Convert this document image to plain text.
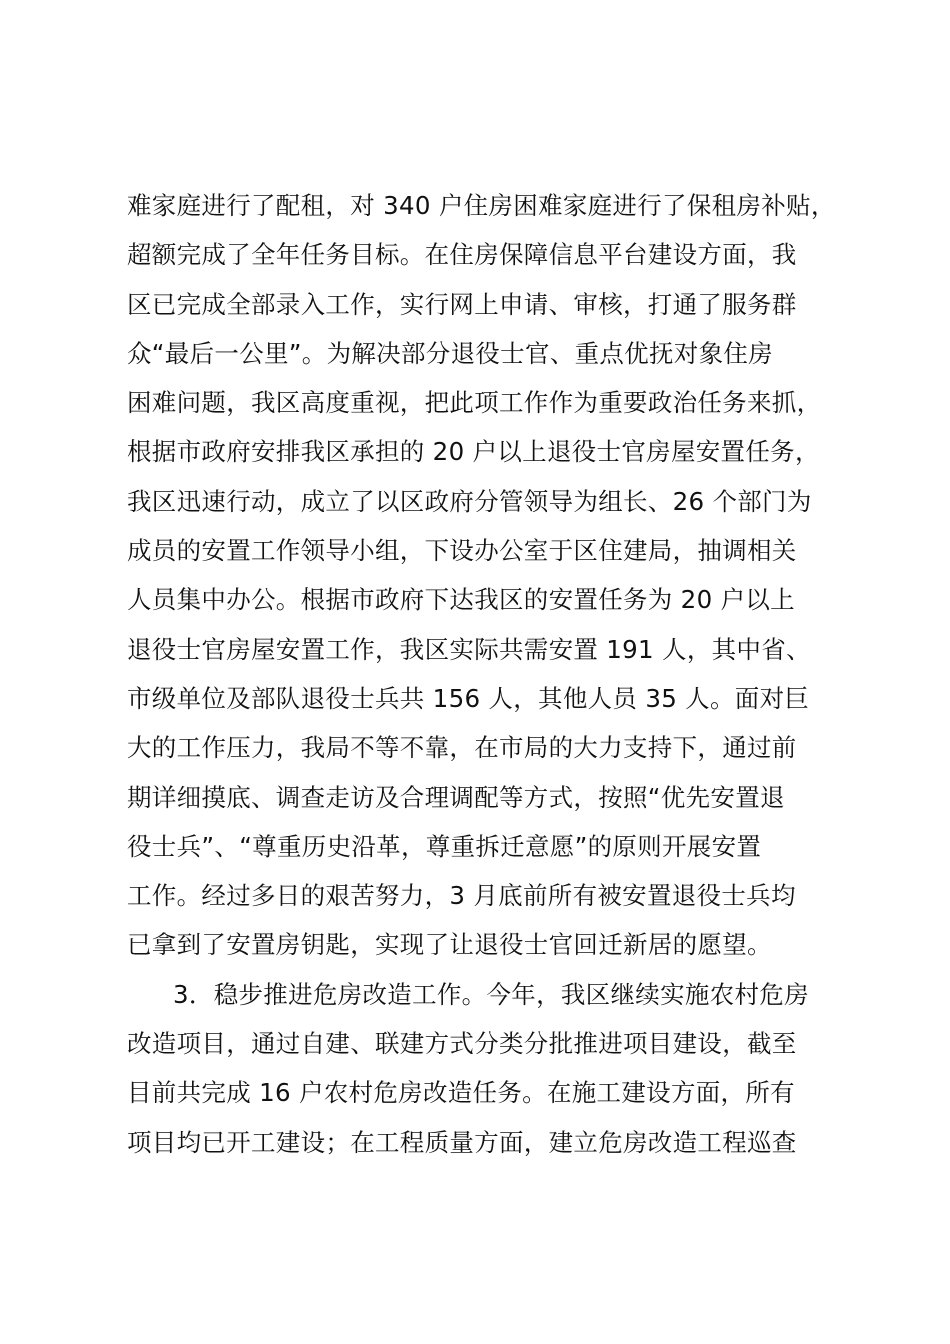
难家庭进行了配租，对 340 户住房困难家庭进行了保租房补贴，
超额完成了全年任务目标。在住房保障信息平台建设方面，我
区已完成全部录入工作，实行网上申请、审核，打通了服务群
众“最后一公里”。为解决部分退役士官、重点优抚对象住房
困难问题，我区高度重视，把此项工作作为重要政治任务来抓，
根据市政府安排我区承担的 20 户以上退役士官房屋安置任务，
我区迅速行动，成立了以区政府分管领导为组长、26 个部门为
成员的安置工作领导小组，下设办公室于区住建局，抽调相关
人员集中办公。根据市政府下达我区的安置任务为 20 户以上
退役士官房屋安置工作，我区实际共需安置 191 人，其中省、
市级单位及部队退役士兵共 156 人，其他人员 35 人。面对巨
大的工作压力，我局不等不靠，在市局的大力支持下，通过前
期详细摸底、调查走访及合理调配等方式，按照“优先安置退
役士兵”、“尊重历史沿革，尊重拆迁意愿”的原则开展安置
工作。经过多日的艰苦努力，3 月底前所有被安置退役士兵均
已拿到了安置房钥匙，实现了让退役士官回迁新居的愿望。
3．稳步推进危房改造工作。今年，我区继续实施农村危房
改造项目，通过自建、联建方式分类分批推进项目建设，截至
目前共完成 16 户农村危房改造任务。在施工建设方面，所有
项目均已开工建设；在工程质量方面，建立危房改造工程巡查
